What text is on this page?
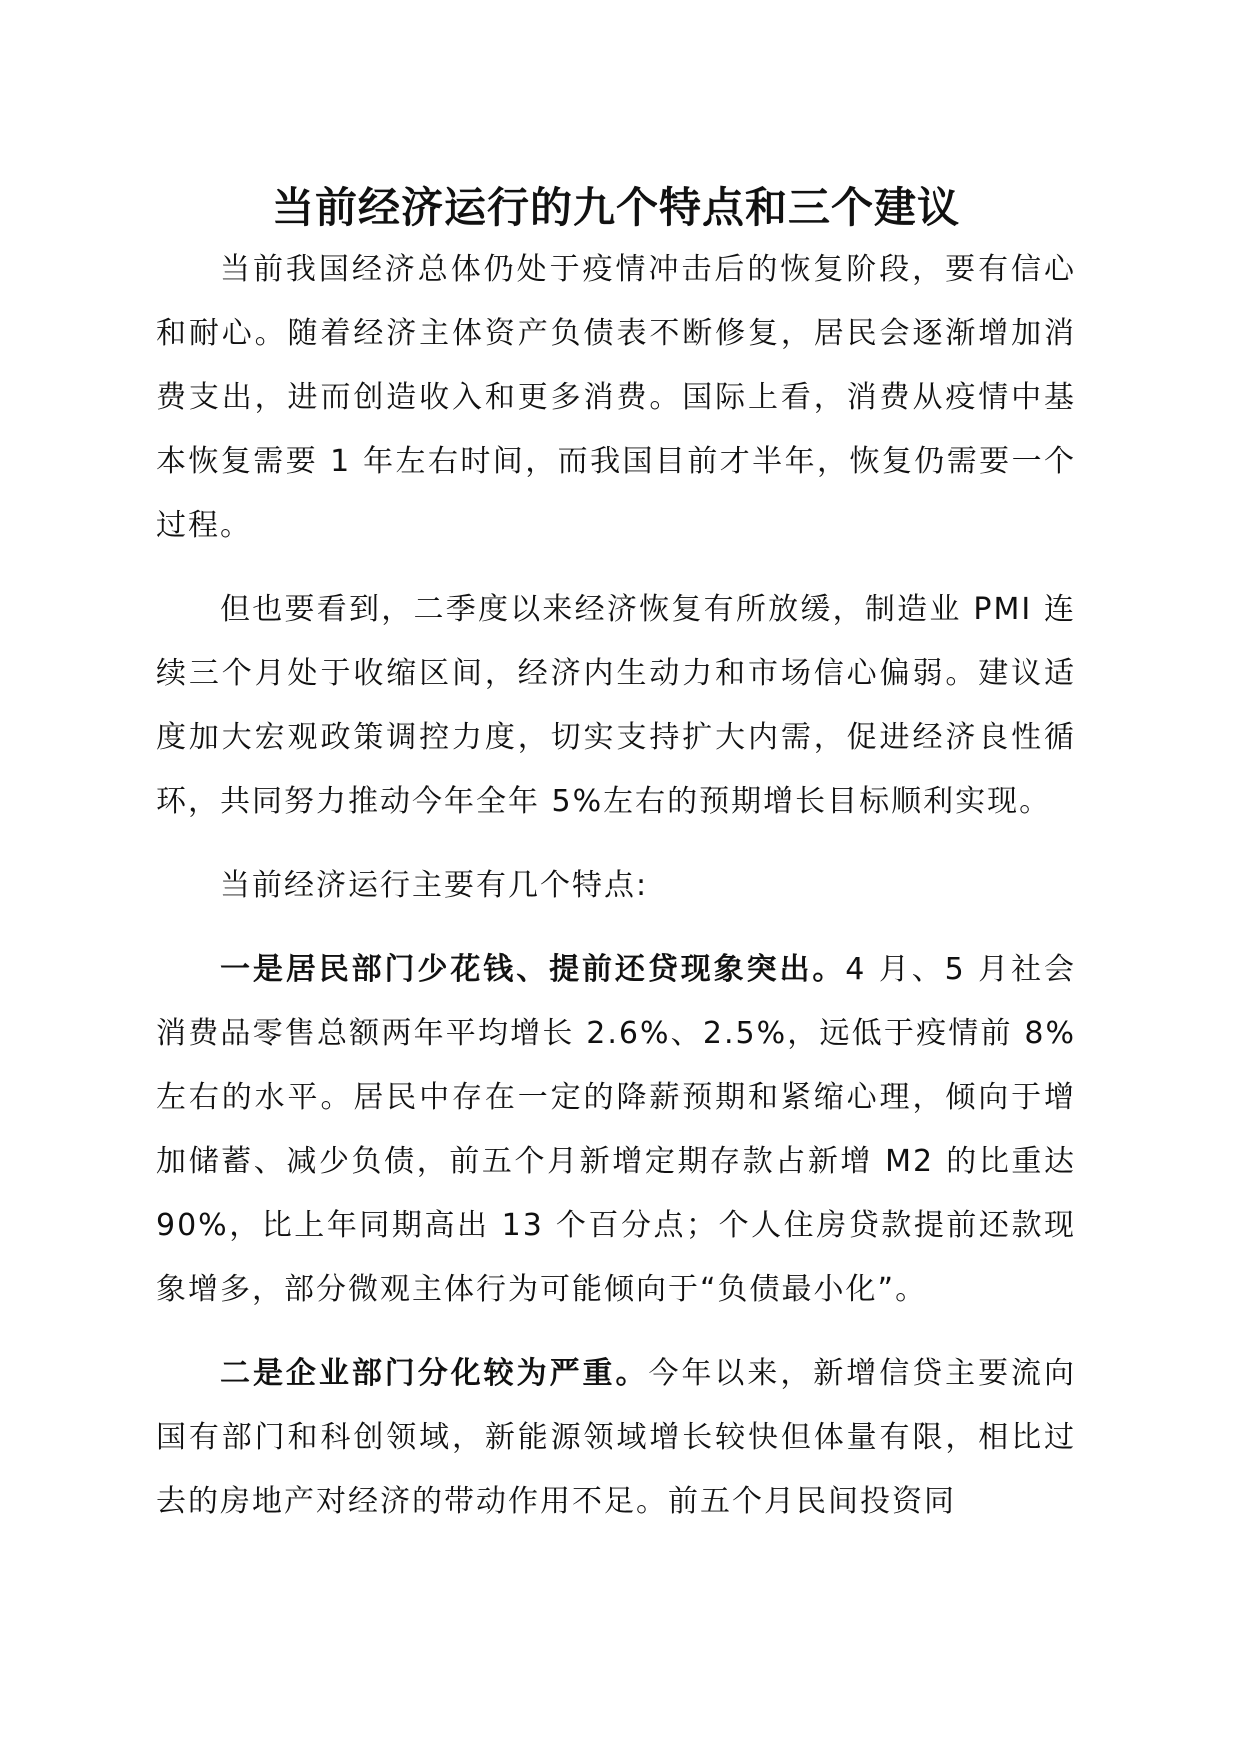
当前经济运行的九个特点和三个建议

当前我国经济总体仍处于疫情冲击后的恢复阶段，要有信心和耐心。随着经济主体资产负债表不断修复，居民会逐渐增加消费支出，进而创造收入和更多消费。国际上看，消费从疫情中基本恢复需要 1 年左右时间，而我国目前才半年，恢复仍需要一个过程。

但也要看到，二季度以来经济恢复有所放缓，制造业 PMI 连续三个月处于收缩区间，经济内生动力和市场信心偏弱。建议适度加大宏观政策调控力度，切实支持扩大内需，促进经济良性循环，共同努力推动今年全年 5%左右的预期增长目标顺利实现。

当前经济运行主要有几个特点:

一是居民部门少花钱、提前还贷现象突出。4 月、5 月社会消费品零售总额两年平均增长 2.6%、2.5%，远低于疫情前 8%左右的水平。居民中存在一定的降薪预期和紧缩心理，倾向于增加储蓄、减少负债，前五个月新增定期存款占新增 M2 的比重达 90%，比上年同期高出 13 个百分点；个人住房贷款提前还款现象增多，部分微观主体行为可能倾向于“负债最小化”。

二是企业部门分化较为严重。今年以来，新增信贷主要流向国有部门和科创领域，新能源领域增长较快但体量有限，相比过去的房地产对经济的带动作用不足。前五个月民间投资同
